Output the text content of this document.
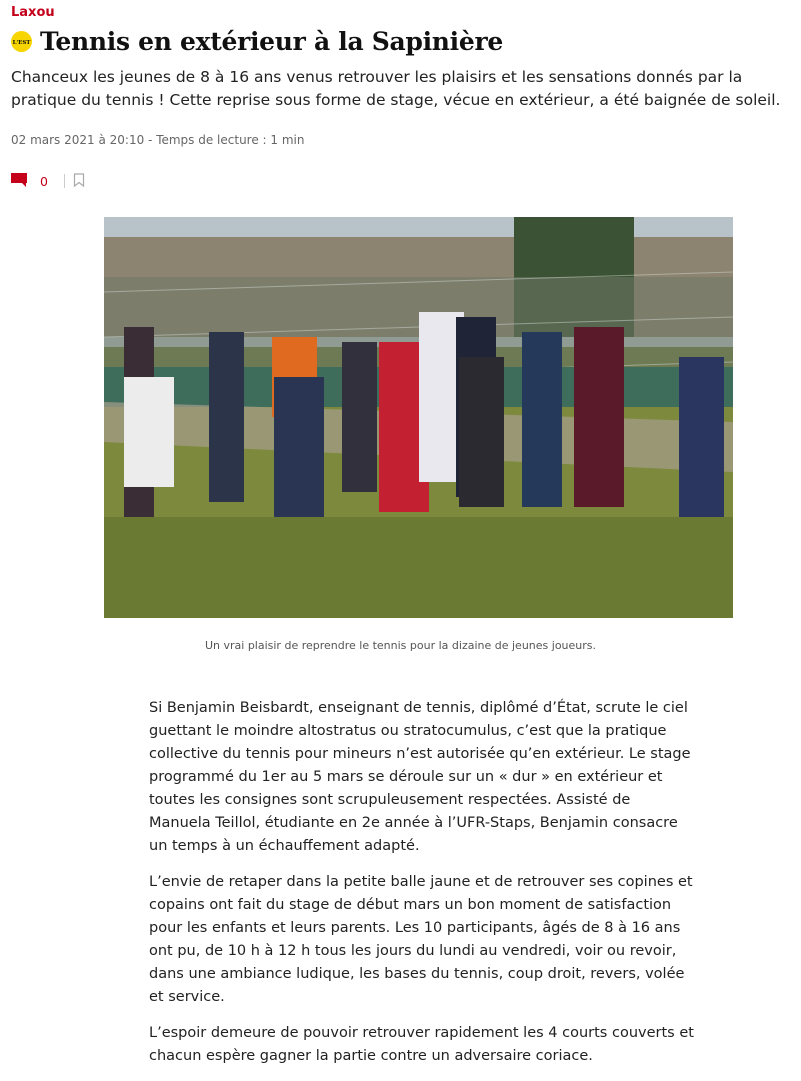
Laxou
L'EST Tennis en extérieur à la Sapinière

Chanceux les jeunes de 8 à 16 ans venus retrouver les plaisirs et les sensations donnés par la pratique du tennis ! Cette reprise sous forme de stage, vécue en extérieur, a été baignée de soleil.

02 mars 2021 à 20:10 - Temps de lecture : 1 min
0
Un vrai plaisir de reprendre le tennis pour la dizaine de jeunes joueurs.

Si Benjamin Beisbardt, enseignant de tennis, diplômé d’État, scrute le ciel guettant le moindre altostratus ou stratocumulus, c’est que la pratique collective du tennis pour mineurs n’est autorisée qu’en extérieur. Le stage programmé du 1er au 5 mars se déroule sur un « dur » en extérieur et toutes les consignes sont scrupuleusement respectées. Assisté de Manuela Teillol, étudiante en 2e année à l’UFR-Staps, Benjamin consacre un temps à un échauffement adapté.

L’envie de retaper dans la petite balle jaune et de retrouver ses copines et copains ont fait du stage de début mars un bon moment de satisfaction pour les enfants et leurs parents. Les 10 participants, âgés de 8 à 16 ans ont pu, de 10 h à 12 h tous les jours du lundi au vendredi, voir ou revoir, dans une ambiance ludique, les bases du tennis, coup droit, revers, volée et service.

L’espoir demeure de pouvoir retrouver rapidement les 4 courts couverts et chacun espère gagner la partie contre un adversaire coriace.
